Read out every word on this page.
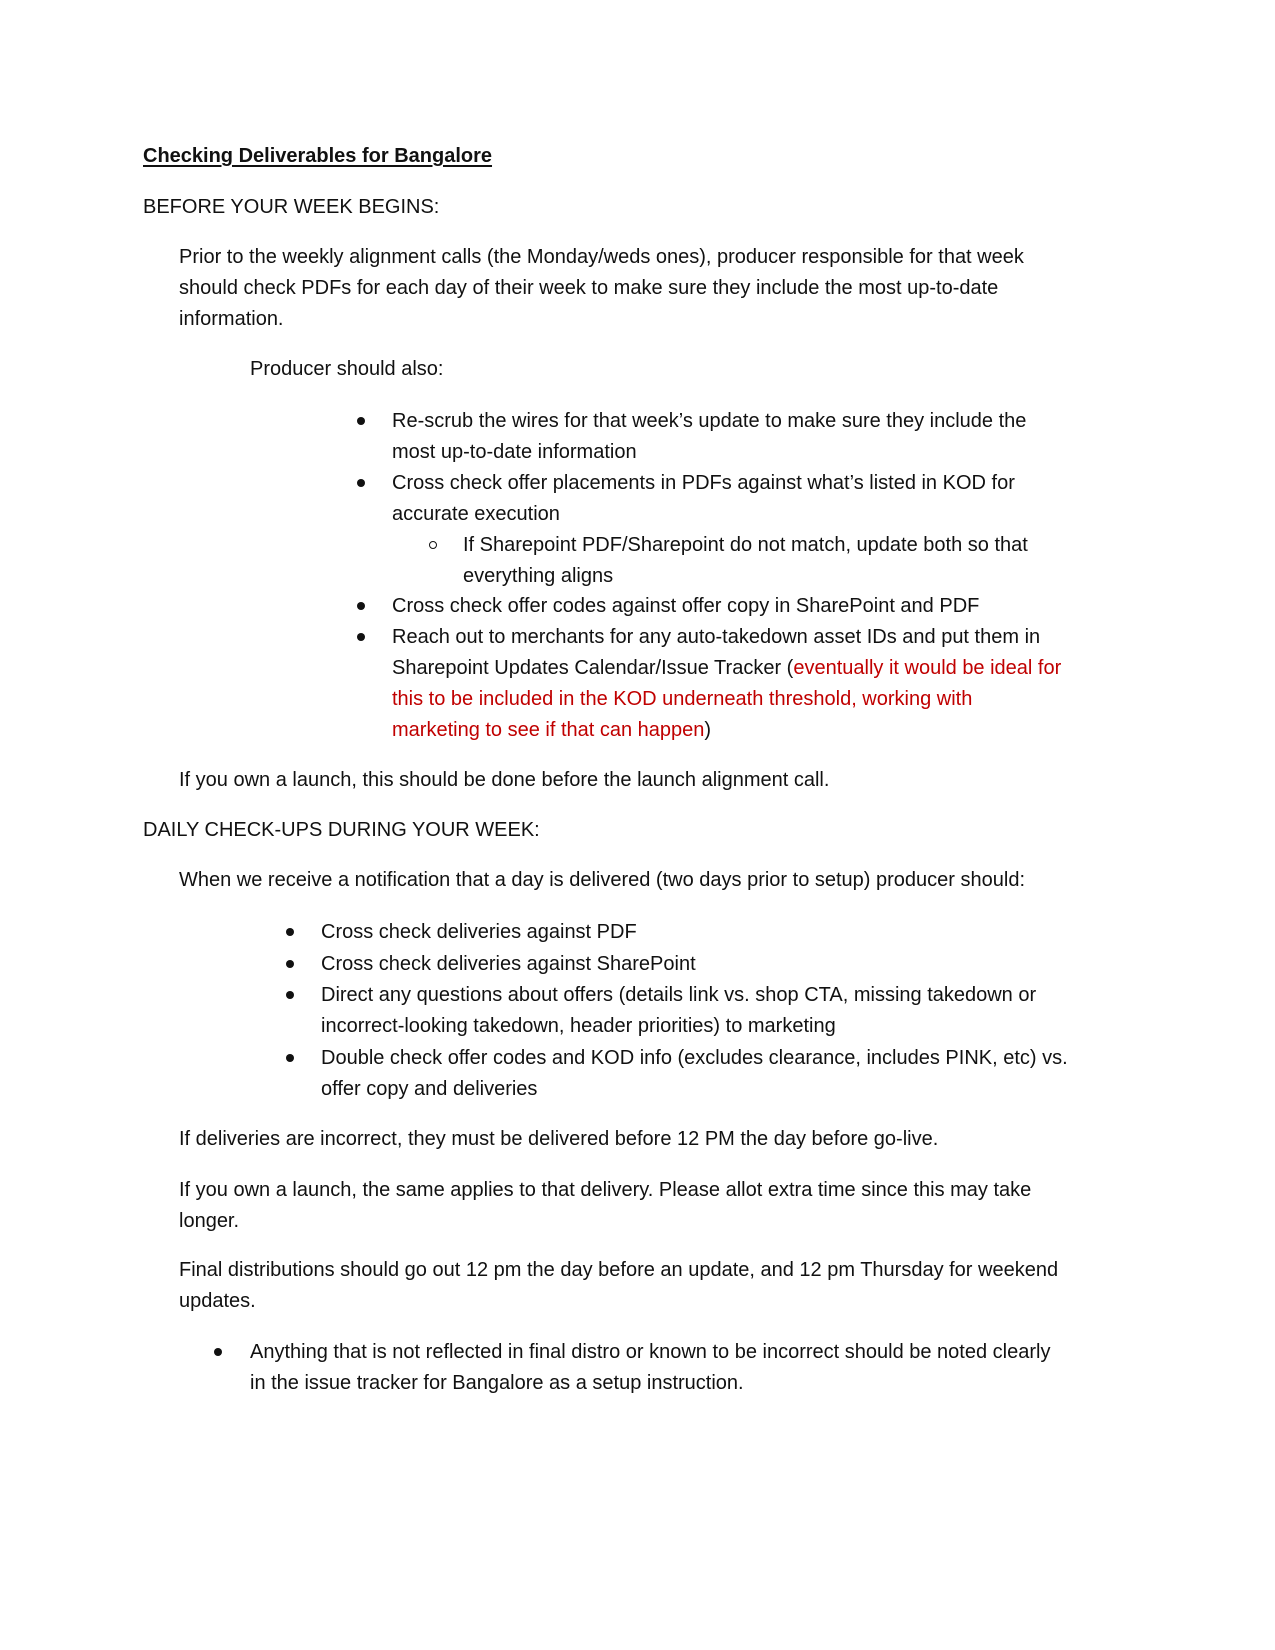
Checking Deliverables for Bangalore

BEFORE YOUR WEEK BEGINS:

Prior to the weekly alignment calls (the Monday/weds ones), producer responsible for that week

should check PDFs for each day of their week to make sure they include the most up-to-date

information.

Producer should also:

Re-scrub the wires for that week’s update to make sure they include the

most up-to-date information

Cross check offer placements in PDFs against what’s listed in KOD for

accurate execution

If Sharepoint PDF/Sharepoint do not match, update both so that

everything aligns

Cross check offer codes against offer copy in SharePoint and PDF

Reach out to merchants for any auto-takedown asset IDs and put them in

Sharepoint Updates Calendar/Issue Tracker (eventually it would be ideal for

this to be included in the KOD underneath threshold, working with

marketing to see if that can happen)

If you own a launch, this should be done before the launch alignment call.

DAILY CHECK-UPS DURING YOUR WEEK:

When we receive a notification that a day is delivered (two days prior to setup) producer should:

Cross check deliveries against PDF

Cross check deliveries against SharePoint

Direct any questions about offers (details link vs. shop CTA, missing takedown or

incorrect-looking takedown, header priorities) to marketing

Double check offer codes and KOD info (excludes clearance, includes PINK, etc) vs.

offer copy and deliveries

If deliveries are incorrect, they must be delivered before 12 PM the day before go-live.

If you own a launch, the same applies to that delivery. Please allot extra time since this may take

longer.

Final distributions should go out 12 pm the day before an update, and 12 pm Thursday for weekend

updates.

Anything that is not reflected in final distro or known to be incorrect should be noted clearly

in the issue tracker for Bangalore as a setup instruction.
